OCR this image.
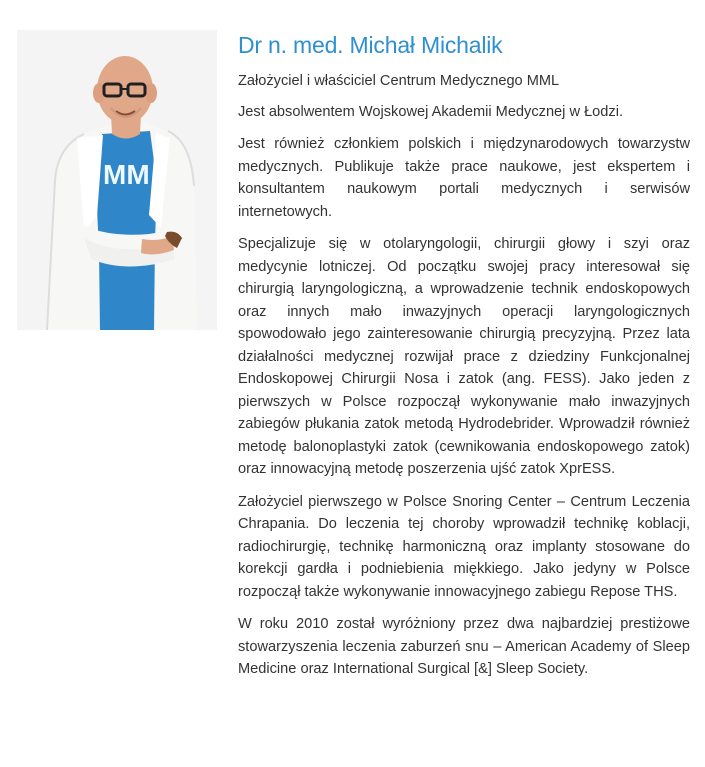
MM
Dr n. med. Michał Michalik

Założyciel i właściciel Centrum Medycznego MML

Jest absolwentem Wojskowej Akademii Medycznej w Łodzi.

Jest również członkiem polskich i międzynarodowych towarzystw medycznych. Publikuje także prace naukowe, jest ekspertem i konsultantem naukowym portali medycznych i serwisów internetowych.

Specjalizuje się w otolaryngologii, chirurgii głowy i szyi oraz medycynie lotniczej. Od początku swojej pracy interesował się chirurgią laryngologiczną, a wprowadzenie technik endoskopowych oraz innych mało inwazyjnych operacji laryngologicznych spowodowało jego zainteresowanie chirurgią precyzyjną. Przez lata działalności medycznej rozwijał prace z dziedziny Funkcjonalnej Endoskopowej Chirurgii Nosa i zatok (ang. FESS). Jako jeden z pierwszych w Polsce rozpoczął wykonywanie mało inwazyjnych zabiegów płukania zatok metodą Hydrodebrider. Wprowadził również metodę balonoplastyki zatok (cewnikowania endoskopowego zatok) oraz innowacyjną metodę poszerzenia ujść zatok XprESS.

Założyciel pierwszego w Polsce Snoring Center – Centrum Leczenia Chrapania. Do leczenia tej choroby wprowadził technikę koblacji, radiochirurgię, technikę harmoniczną oraz implanty stosowane do korekcji gardła i podniebienia miękkiego. Jako jedyny w Polsce rozpoczął także wykonywanie innowacyjnego zabiegu Repose THS.

W roku 2010 został wyróżniony przez dwa najbardziej prestiżowe stowarzyszenia leczenia zaburzeń snu – American Academy of Sleep Medicine oraz International Surgical [&] Sleep Society.
